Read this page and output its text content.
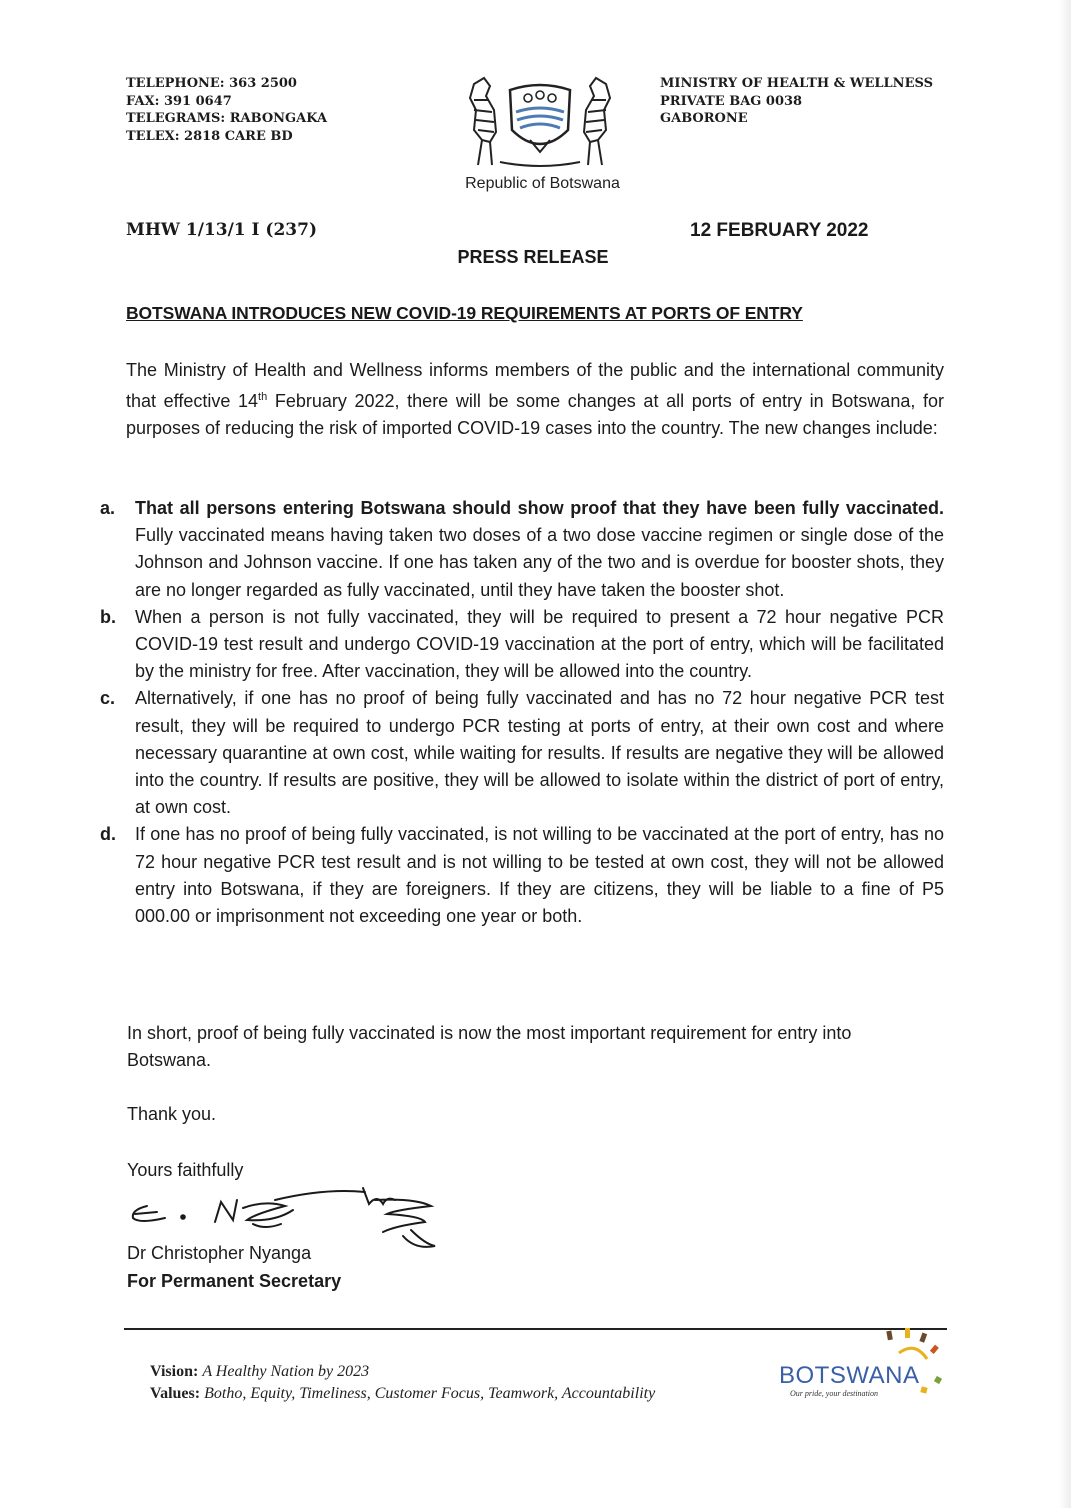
TELEPHONE: 363 2500
FAX: 391 0647
TELEGRAMS: RABONGAKA
TELEX: 2818 CARE BD
MINISTRY OF HEALTH & WELLNESS
PRIVATE BAG 0038
GABORONE
Republic of Botswana
MHW 1/13/1 I (237)	12 FEBRUARY 2022
PRESS RELEASE
BOTSWANA INTRODUCES NEW COVID-19 REQUIREMENTS AT PORTS OF ENTRY
The Ministry of Health and Wellness informs members of the public and the international community that effective 14th February 2022, there will be some changes at all ports of entry in Botswana, for purposes of reducing the risk of imported COVID-19 cases into the country. The new changes include:
a. That all persons entering Botswana should show proof that they have been fully vaccinated. Fully vaccinated means having taken two doses of a two dose vaccine regimen or single dose of the Johnson and Johnson vaccine. If one has taken any of the two and is overdue for booster shots, they are no longer regarded as fully vaccinated, until they have taken the booster shot.
b. When a person is not fully vaccinated, they will be required to present a 72 hour negative PCR COVID-19 test result and undergo COVID-19 vaccination at the port of entry, which will be facilitated by the ministry for free. After vaccination, they will be allowed into the country.
c. Alternatively, if one has no proof of being fully vaccinated and has no 72 hour negative PCR test result, they will be required to undergo PCR testing at ports of entry, at their own cost and where necessary quarantine at own cost, while waiting for results. If results are negative they will be allowed into the country. If results are positive, they will be allowed to isolate within the district of port of entry, at own cost.
d. If one has no proof of being fully vaccinated, is not willing to be vaccinated at the port of entry, has no 72 hour negative PCR test result and is not willing to be tested at own cost, they will not be allowed entry into Botswana, if they are foreigners. If they are citizens, they will be liable to a fine of P5 000.00 or imprisonment not exceeding one year or both.
In short, proof of being fully vaccinated is now the most important requirement for entry into Botswana.
Thank you.
Yours faithfully
Dr Christopher Nyanga
For Permanent Secretary
Vision: A Healthy Nation by 2023
Values: Botho, Equity, Timeliness, Customer Focus, Teamwork, Accountability
BOTSWANA
Our pride, your destination
